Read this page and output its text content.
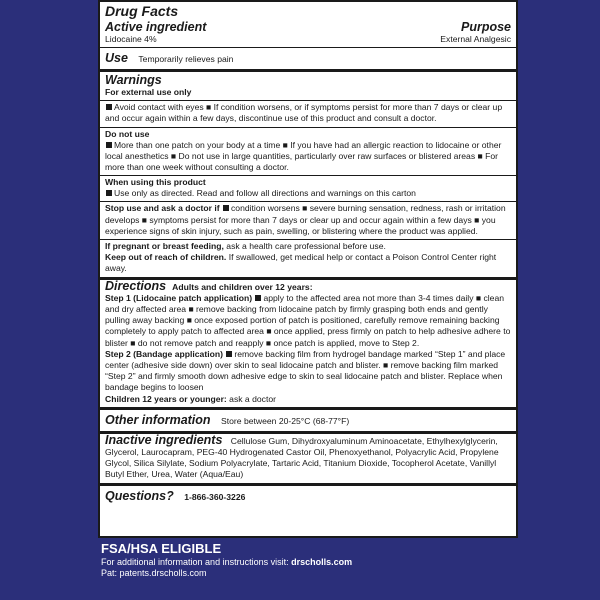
Drug Facts
Active ingredient	Purpose
Lidocaine 4%	External Analgesic
Use Temporarily relieves pain
Warnings
For external use only
Avoid contact with eyes ■ If condition worsens, or if symptoms persist for more than 7 days or clear up and occur again within a few days, discontinue use of this product and consult a doctor.
Do not use
More than one patch on your body at a time ■ If you have had an allergic reaction to lidocaine or other local anesthetics ■ Do not use in large quantities, particularly over raw surfaces or blistered areas ■ For more than one week without consulting a doctor.
When using this product
Use only as directed. Read and follow all directions and warnings on this carton
Stop use and ask a doctor if condition worsens ■ severe burning sensation, redness, rash or irritation develops ■ symptoms persist for more than 7 days or clear up and occur again within a few days ■ you experience signs of skin injury, such as pain, swelling, or blistering where the product was applied.
If pregnant or breast feeding, ask a health care professional before use.
Keep out of reach of children. If swallowed, get medical help or contact a Poison Control Center right away.
Directions Adults and children over 12 years:
Step 1 (Lidocaine patch application) apply to the affected area not more than 3-4 times daily ■ clean and dry affected area ■ remove backing from lidocaine patch by firmly grasping both ends and gently pulling away backing ■ once exposed portion of patch is positioned, carefully remove remaining backing completely to apply patch to affected area ■ once applied, press firmly on patch to help adhesive adhere to blister ■ do not remove patch and reapply ■ once patch is applied, move to Step 2.
Step 2 (Bandage application) remove backing film from hydrogel bandage marked “Step 1” and place center (adhesive side down) over skin to seal lidocaine patch and blister. ■ remove backing film marked “Step 2” and firmly smooth down adhesive edge to skin to seal lidocaine patch and blister. Replace when bandage begins to loosen
Children 12 years or younger: ask a doctor
Other information Store between 20-25°C (68-77°F)
Inactive ingredients Cellulose Gum, Dihydroxyaluminum Aminoacetate, Ethylhexylglycerin, Glycerol, Laurocapram, PEG-40 Hydrogenated Castor Oil, Phenoxyethanol, Polyacrylic Acid, Propylene Glycol, Silica Silylate, Sodium Polyacrylate, Tartaric Acid, Titanium Dioxide, Tocopherol Acetate, Vanillyl Butyl Ether, Urea, Water (Aqua/Eau)
Questions? 1-866-360-3226
FSA/HSA ELIGIBLE
For additional information and instructions visit: drscholls.com
Pat: patents.drscholls.com
